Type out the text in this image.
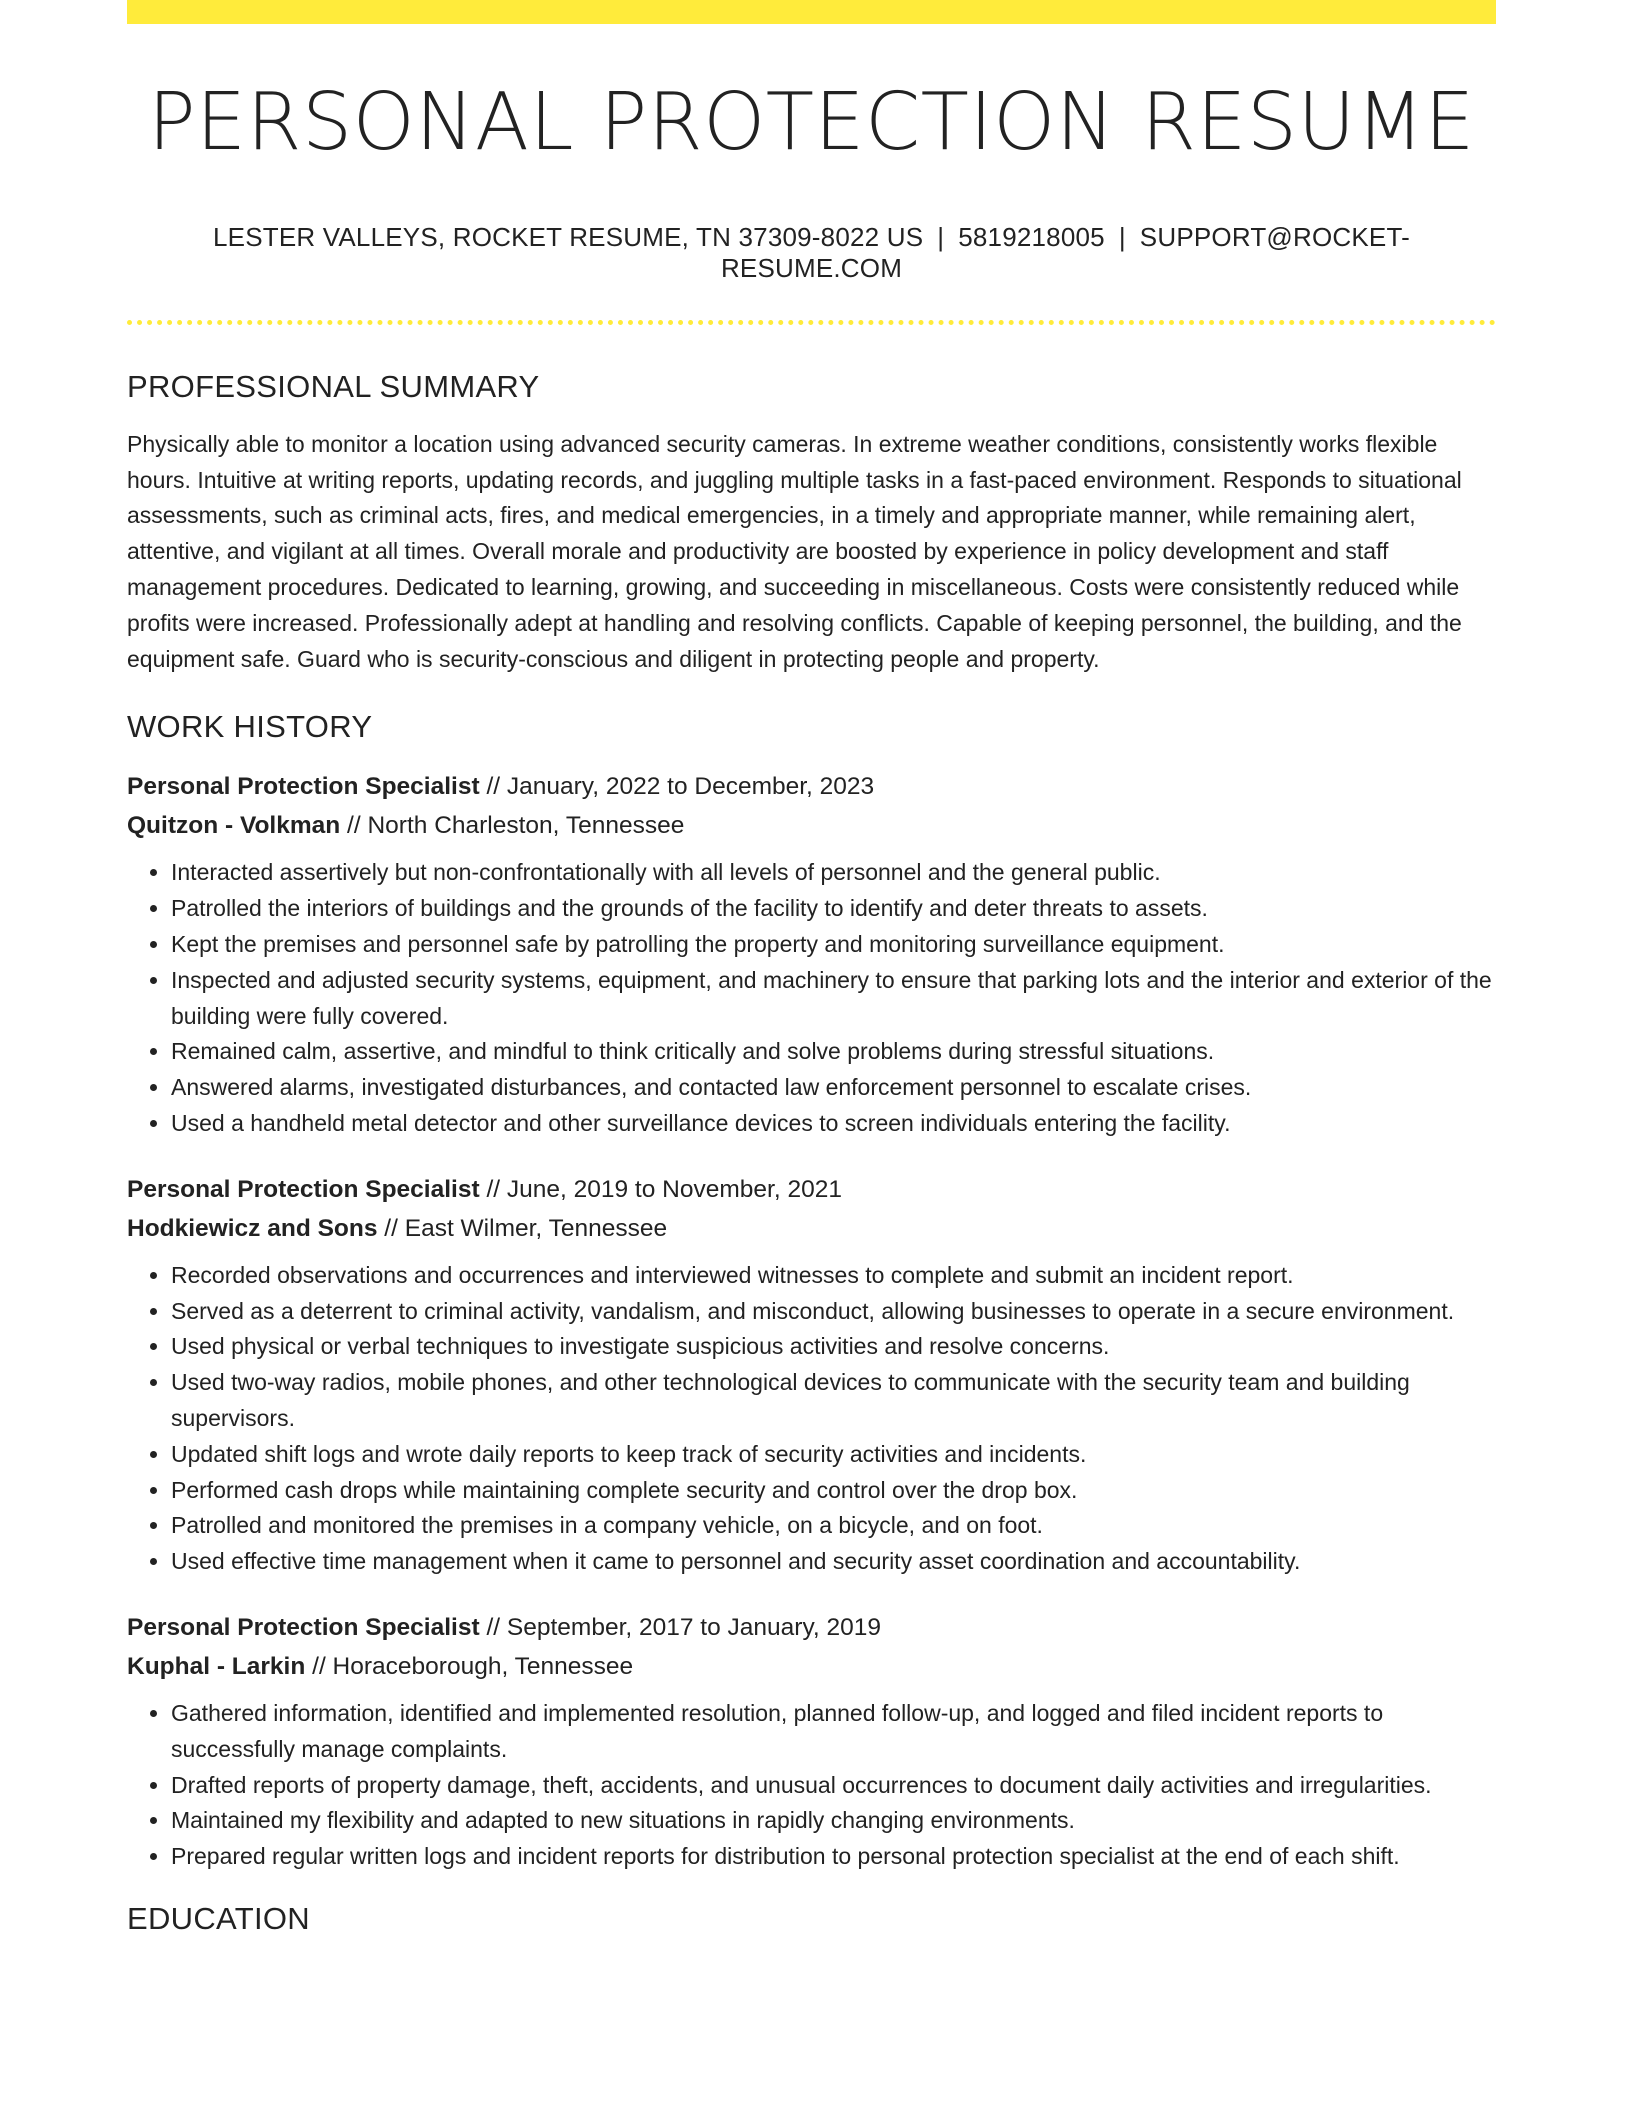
PERSONAL PROTECTION RESUME
LESTER VALLEYS, ROCKET RESUME, TN 37309-8022 US | 5819218005 | SUPPORT@ROCKET-RESUME.COM
PROFESSIONAL SUMMARY
Physically able to monitor a location using advanced security cameras. In extreme weather conditions, consistently works flexible hours. Intuitive at writing reports, updating records, and juggling multiple tasks in a fast-paced environment. Responds to situational assessments, such as criminal acts, fires, and medical emergencies, in a timely and appropriate manner, while remaining alert, attentive, and vigilant at all times. Overall morale and productivity are boosted by experience in policy development and staff management procedures. Dedicated to learning, growing, and succeeding in miscellaneous. Costs were consistently reduced while profits were increased. Professionally adept at handling and resolving conflicts. Capable of keeping personnel, the building, and the equipment safe. Guard who is security-conscious and diligent in protecting people and property.
WORK HISTORY
Personal Protection Specialist // January, 2022 to December, 2023
Quitzon - Volkman // North Charleston, Tennessee
• Interacted assertively but non-confrontationally with all levels of personnel and the general public.
• Patrolled the interiors of buildings and the grounds of the facility to identify and deter threats to assets.
• Kept the premises and personnel safe by patrolling the property and monitoring surveillance equipment.
• Inspected and adjusted security systems, equipment, and machinery to ensure that parking lots and the interior and exterior of the building were fully covered.
• Remained calm, assertive, and mindful to think critically and solve problems during stressful situations.
• Answered alarms, investigated disturbances, and contacted law enforcement personnel to escalate crises.
• Used a handheld metal detector and other surveillance devices to screen individuals entering the facility.
Personal Protection Specialist // June, 2019 to November, 2021
Hodkiewicz and Sons // East Wilmer, Tennessee
• Recorded observations and occurrences and interviewed witnesses to complete and submit an incident report.
• Served as a deterrent to criminal activity, vandalism, and misconduct, allowing businesses to operate in a secure environment.
• Used physical or verbal techniques to investigate suspicious activities and resolve concerns.
• Used two-way radios, mobile phones, and other technological devices to communicate with the security team and building supervisors.
• Updated shift logs and wrote daily reports to keep track of security activities and incidents.
• Performed cash drops while maintaining complete security and control over the drop box.
• Patrolled and monitored the premises in a company vehicle, on a bicycle, and on foot.
• Used effective time management when it came to personnel and security asset coordination and accountability.
Personal Protection Specialist // September, 2017 to January, 2019
Kuphal - Larkin // Horaceborough, Tennessee
• Gathered information, identified and implemented resolution, planned follow-up, and logged and filed incident reports to successfully manage complaints.
• Drafted reports of property damage, theft, accidents, and unusual occurrences to document daily activities and irregularities.
• Maintained my flexibility and adapted to new situations in rapidly changing environments.
• Prepared regular written logs and incident reports for distribution to personal protection specialist at the end of each shift.
EDUCATION
